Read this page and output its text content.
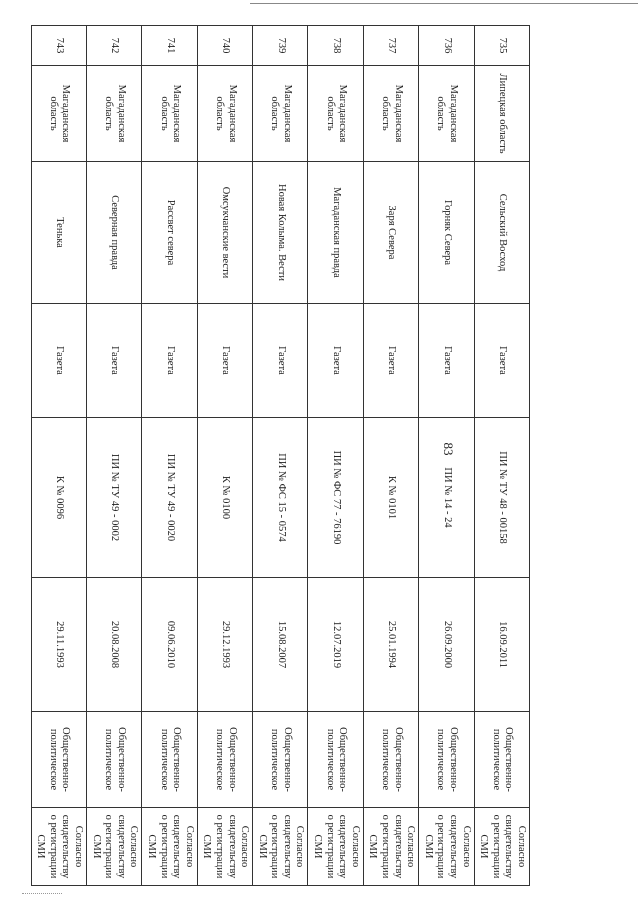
83
735	Липецкая область	Сельский Восход	Газета	ПИ № ТУ 48 - 00158	16.09.2011	Общественно-политическое	Согласно свидетельству о регистрации СМИ
736	Магаданская область	Горняк Севера	Газета	ПИ № 14 - 24	26.09.2000	Общественно-политическое	Согласно свидетельству о регистрации СМИ
737	Магаданская область	Заря Севера	Газета	К № 0101	25.01.1994	Общественно-политическое	Согласно свидетельству о регистрации СМИ
738	Магаданская область	Магаданская правда	Газета	ПИ № ФС 77 - 76190	12.07.2019	Общественно-политическое	Согласно свидетельству о регистрации СМИ
739	Магаданская область	Новая Колыма. Вести	Газета	ПИ № ФС 15 - 0574	15.08.2007	Общественно-политическое	Согласно свидетельству о регистрации СМИ
740	Магаданская область	Омсукчанские вести	Газета	К № 0100	29.12.1993	Общественно-политическое	Согласно свидетельству о регистрации СМИ
741	Магаданская область	Рассвет севера	Газета	ПИ № ТУ 49 - 0020	09.06.2010	Общественно-политическое	Согласно свидетельству о регистрации СМИ
742	Магаданская область	Северная правда	Газета	ПИ № ТУ 49 - 0002	20.08.2008	Общественно-политическое	Согласно свидетельству о регистрации СМИ
743	Магаданская область	Тенька	Газета	К № 0096	29.11.1993	Общественно-политическое	Согласно свидетельству о регистрации СМИ
